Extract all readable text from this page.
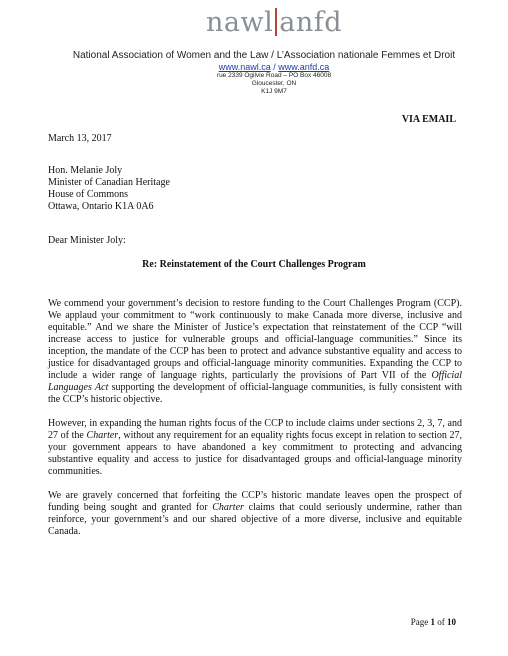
nawl anfd
National Association of Women and the Law / L’Association nationale Femmes et Droit
www.nawl.ca / www.anfd.ca
rue 2339 Ogilvie Road – PO Box 46008
Gloucester, ON
K1J 9M7
VIA EMAIL
March 13, 2017
Hon. Melanie Joly
Minister of Canadian Heritage
House of Commons
Ottawa, Ontario K1A 0A6
Dear Minister Joly:
Re: Reinstatement of the Court Challenges Program

We commend your government’s decision to restore funding to the Court Challenges Program (CCP). We applaud your commitment to “work continuously to make Canada more diverse, inclusive and equitable.” And we share the Minister of Justice’s expectation that reinstatement of the CCP “will increase access to justice for vulnerable groups and official-language communities.” Since its inception, the mandate of the CCP has been to protect and advance substantive equality and access to justice for disadvantaged groups and official-language minority communities. Expanding the CCP to include a wider range of language rights, particularly the provisions of Part VII of the Official Languages Act supporting the development of official-language communities, is fully consistent with the CCP’s historic objective.

However, in expanding the human rights focus of the CCP to include claims under sections 2, 3, 7, and 27 of the Charter, without any requirement for an equality rights focus except in relation to section 27, your government appears to have abandoned a key commitment to protecting and advancing substantive equality and access to justice for disadvantaged groups and official-language minority communities.

We are gravely concerned that forfeiting the CCP’s historic mandate leaves open the prospect of funding being sought and granted for Charter claims that could seriously undermine, rather than reinforce, your government’s and our shared objective of a more diverse, inclusive and equitable Canada.

Page 1 of 10
